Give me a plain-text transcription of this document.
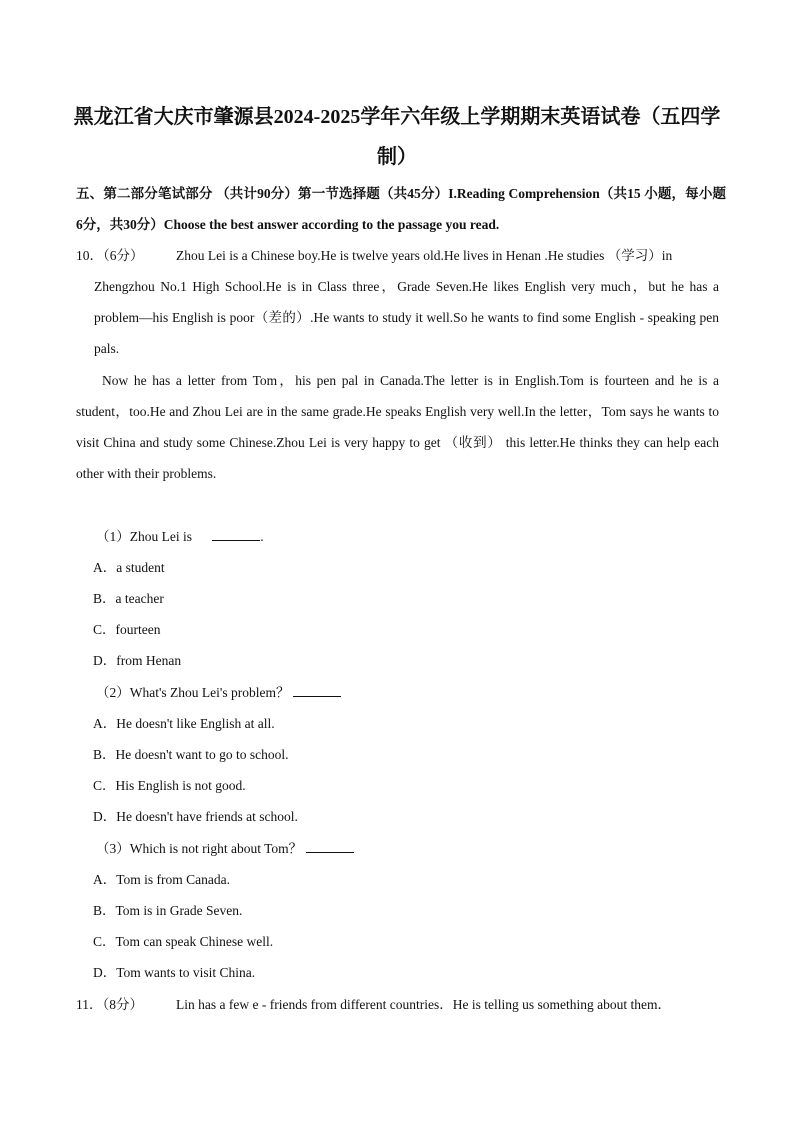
黑龙江省大庆市肇源县2024-2025学年六年级上学期期末英语试卷（五四学制）
五、第二部分笔试部分 （共计90分）第一节选择题（共45分）I.Reading Comprehension（共15 小题，每小题6分，共30分）Choose the best answer according to the passage you read.
10．（6分） Zhou Lei is a Chinese boy.He is twelve years old.He lives in Henan .He studies （学习）in
Zhengzhou No.1 High School.He is in Class three，Grade Seven.He likes English very much，but he has a problem—his English is poor（差的）.He wants to study it well.So he wants to find some English - speaking pen pals.
Now he has a letter from Tom，his pen pal in Canada.The letter is in English.Tom is fourteen and he is a student，too.He and Zhou Lei are in the same grade.He speaks English very well.In the letter，Tom says he wants to visit China and study some Chinese.Zhou Lei is very happy to get （收到） this letter.He thinks they can help each other with their problems.
（1）Zhou Lei is	.
A．a student
B．a teacher
C．fourteen
D．from Henan
（2）What's Zhou Lei's problem？
A．He doesn't like English at all.
B．He doesn't want to go to school.
C．His English is not good.
D．He doesn't have friends at school.
（3）Which is not right about Tom？
A．Tom is from Canada.
B．Tom is in Grade Seven.
C．Tom can speak Chinese well.
D．Tom wants to visit China.
11．（8分） Lin has a few e - friends from different countries．He is telling us something about them．
